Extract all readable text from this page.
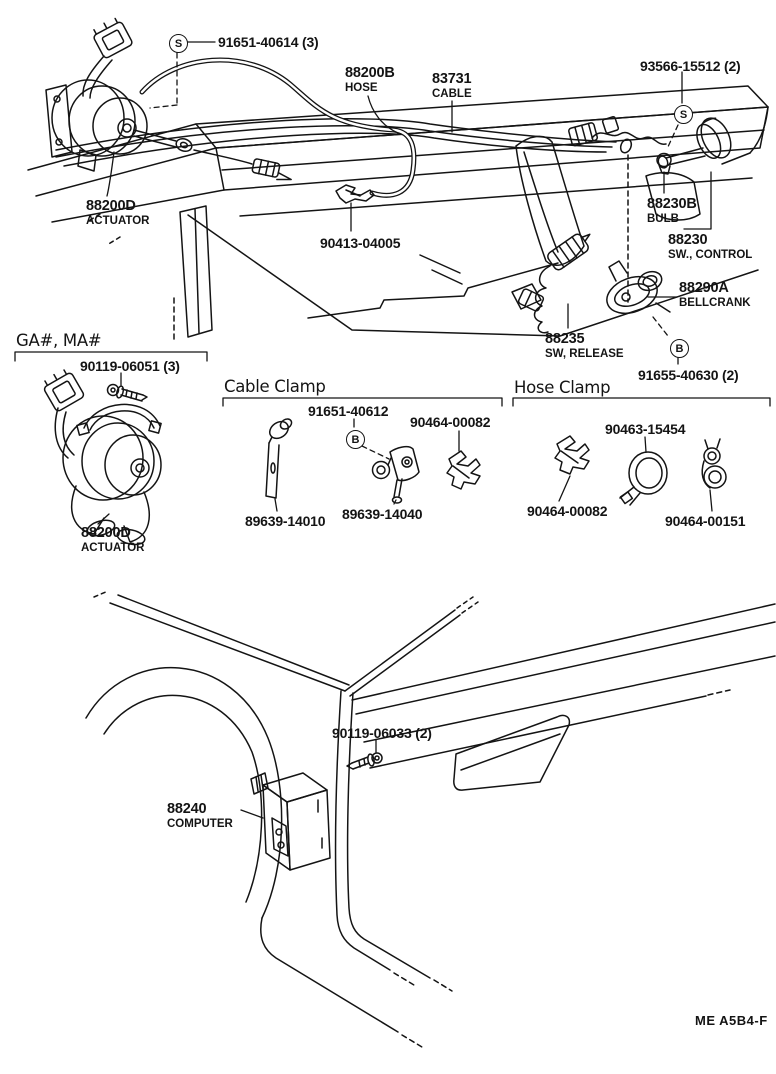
S
S
B
B
91651-40614 (3)
88200B
HOSE
83731
CABLE
93566-15512 (2)
88200D
ACTUATOR
90413-04005
88230B
BULB
88230
SW., CONTROL
88290A
BELLCRANK
88235
SW, RELEASE
91655-40630 (2)
GA#, MA#
90119-06051 (3)
88200D
ACTUATOR
Cable Clamp
91651-40612
90464-00082
89639-14010 89639-14040
Hose Clamp
90463-15454
90464-00082
90464-00151
90119-06033 (2)
88240
COMPUTER
ME A5B4-F
